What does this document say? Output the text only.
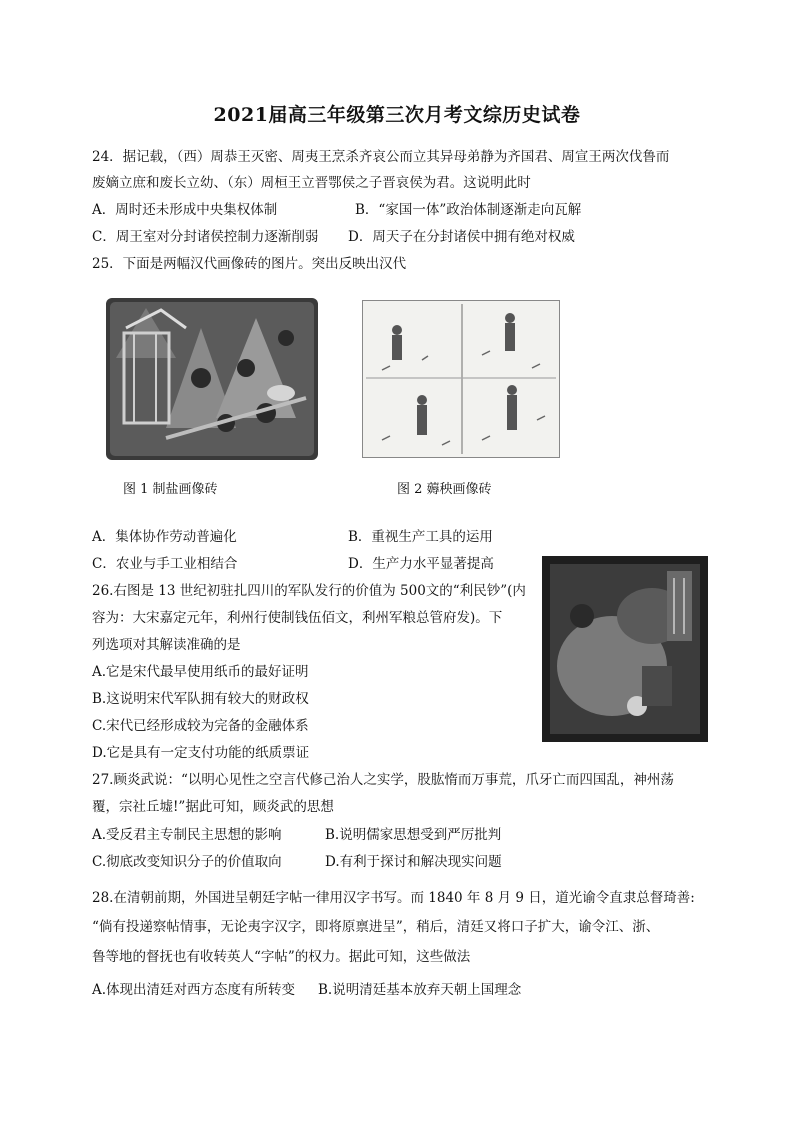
2021届高三年级第三次月考文综历史试卷
24．据记载，（西）周恭王灭密、周夷王烹杀齐哀公而立其异母弟静为齐国君、周宣王两次伐鲁而
废嫡立庶和废长立幼、（东）周桓王立晋鄂侯之子晋哀侯为君。这说明此时
A．周时还未形成中央集权体制	B．“家国一体”政治体制逐渐走向瓦解
C．周王室对分封诸侯控制力逐渐削弱 D．周天子在分封诸侯中拥有绝对权威
25．下面是两幅汉代画像砖的图片。突出反映出汉代
图 1 制盐画像砖	图 2 薅秧画像砖
A．集体协作劳动普遍化	B．重视生产工具的运用
C．农业与手工业相结合	D．生产力水平显著提高
26.右图是 13 世纪初驻扎四川的军队发行的价值为 500文的“利民钞”(内
容为：大宋嘉定元年，利州行使制钱伍佰文，利州军粮总管府发)。下
列选项对其解读准确的是
A.它是宋代最早使用纸币的最好证明
B.这说明宋代军队拥有较大的财政权
C.宋代已经形成较为完备的金融体系
D.它是具有一定支付功能的纸质票证
27.顾炎武说：“以明心见性之空言代修己治人之实学，股肱惰而万事荒，爪牙亡而四国乱，神州荡
覆，宗社丘墟!”据此可知，顾炎武的思想
A.受反君主专制民主思想的影响	B.说明儒家思想受到严厉批判
C.彻底改变知识分子的价值取向	D.有利于探讨和解决现实问题
28.在清朝前期，外国进呈朝廷字帖一律用汉字书写。而 1840 年 8 月 9 日，道光谕令直隶总督琦善:
“倘有投递察帖情事，无论夷字汉字，即将原禀进呈”，稍后，清廷又将口子扩大，谕令江、浙、
鲁等地的督抚也有收转英人“字帖”的权力。据此可知，这些做法
A.体现出清廷对西方态度有所转变 B.说明清廷基本放弃天朝上国理念
